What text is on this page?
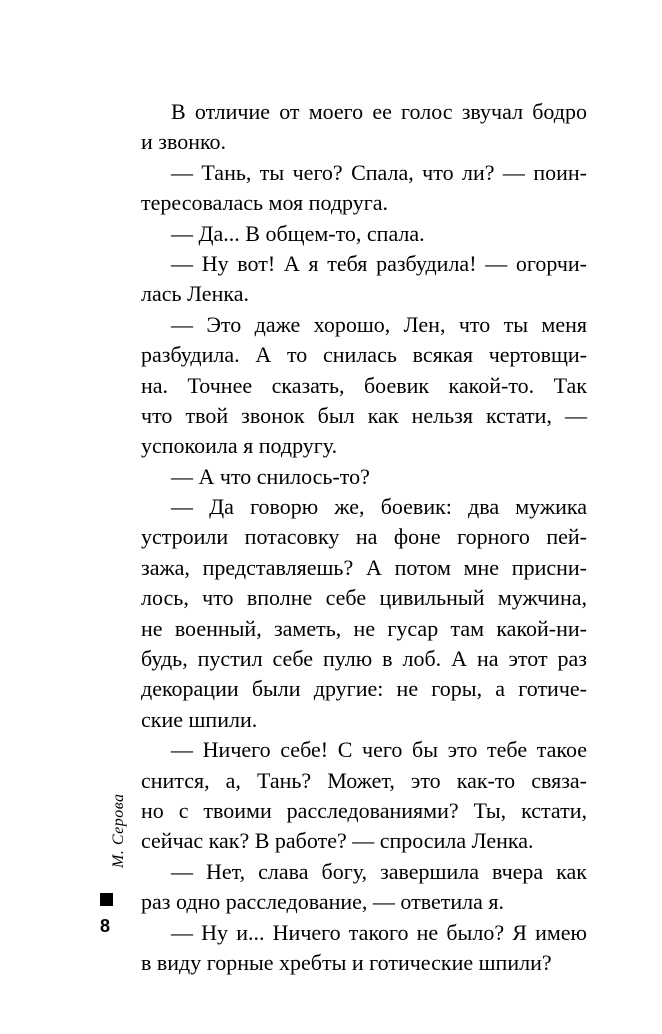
В отличие от моего ее голос звучал бодро
и звонко.
— Тань, ты чего? Спала, что ли? — поин-
тересовалась моя подруга.
— Да... В общем-то, спала.
— Ну вот! А я тебя разбудила! — огорчи-
лась Ленка.
— Это даже хорошо, Лен, что ты меня
разбудила. А то снилась всякая чертовщи-
на. Точнее сказать, боевик какой-то. Так
что твой звонок был как нельзя кстати, —
успокоила я подругу.
— А что снилось-то?
— Да говорю же, боевик: два мужика
устроили потасовку на фоне горного пей-
зажа, представляешь? А потом мне присни-
лось, что вполне себе цивильный мужчина,
не военный, заметь, не гусар там какой-ни-
будь, пустил себе пулю в лоб. А на этот раз
декорации были другие: не горы, а готиче-
ские шпили.
— Ничего себе! С чего бы это тебе такое
снится, а, Тань? Может, это как-то связа-
но с твоими расследованиями? Ты, кстати,
сейчас как? В работе? — спросила Ленка.
— Нет, слава богу, завершила вчера как
раз одно расследование, — ответила я.
— Ну и... Ничего такого не было? Я имею
в виду горные хребты и готические шпили?
М. Серова
8
